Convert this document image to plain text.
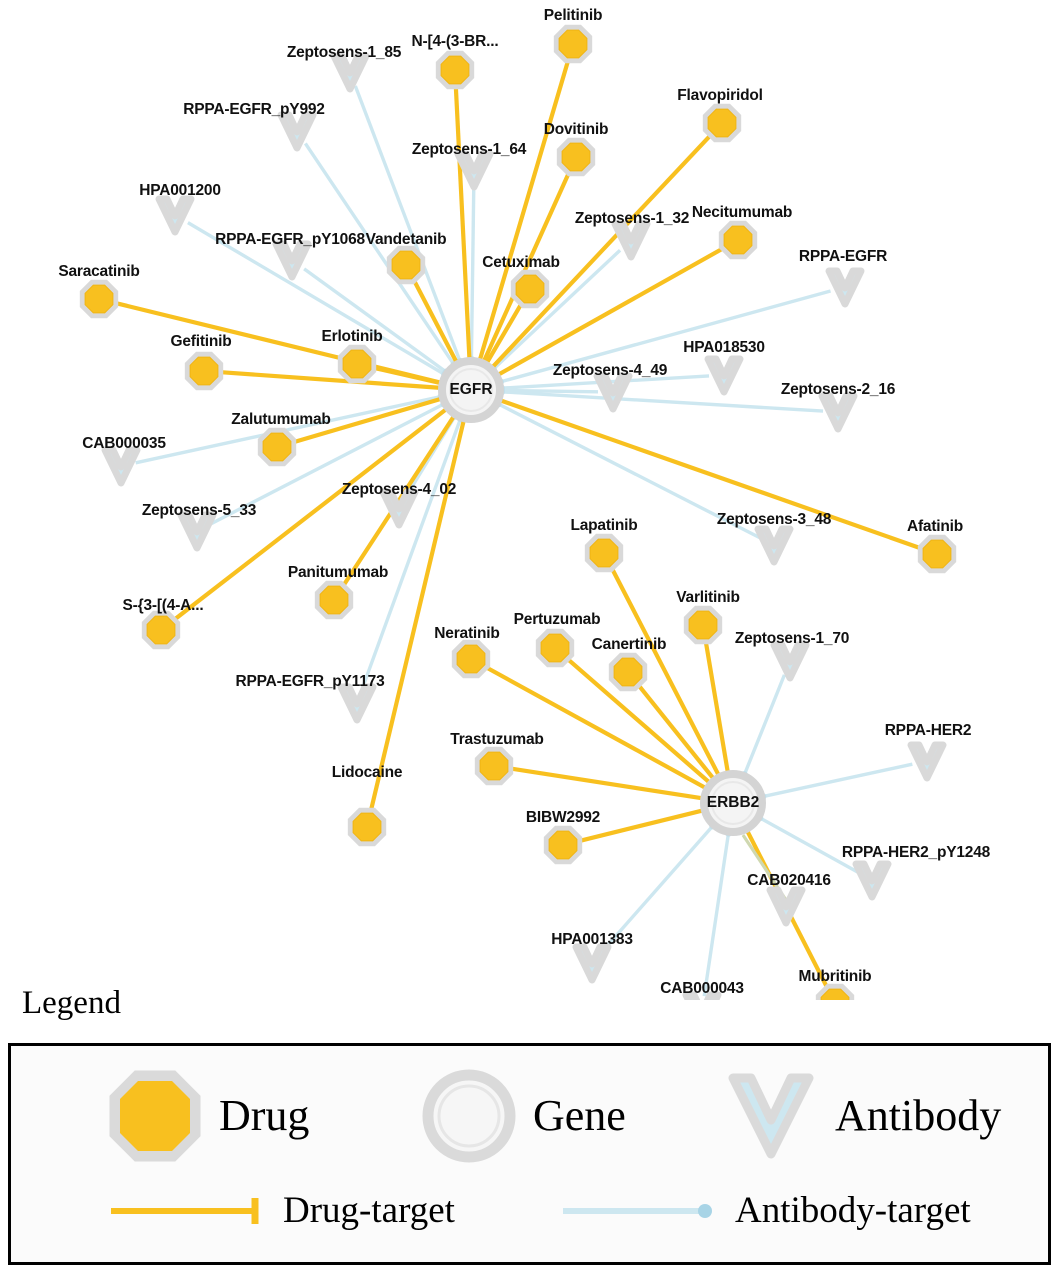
Zeptosens-1_85
RPPA-EGFR_pY992
Zeptosens-1_64
HPA001200
Zeptosens-1_32
RPPA-EGFR_pY1068
RPPA-EGFR
HPA018530
Zeptosens-4_49
Zeptosens-2_16
CAB000035
Zeptosens-4_02
Zeptosens-5_33
Zeptosens-3_48
Zeptosens-1_70
RPPA-EGFR_pY1173
RPPA-HER2
RPPA-HER2_pY1248
CAB020416
HPA001383
CAB000043
Pelitinib
N-[4-(3-BR...
Flavopiridol
Dovitinib
Necitumumab
Vandetanib
Cetuximab
Saracatinib
Erlotinib
Gefitinib
Zalutumumab
Afatinib
Lapatinib
Panitumumab
S-{3-[(4-A...	Varlitinib
Pertuzumab
Neratinib
Canertinib
Trastuzumab
Lidocaine
BIBW2992
Mubritinib
EGFR
ERBB2
Legend
Drug	Gene	Antibody
Drug-target	Antibody-target
